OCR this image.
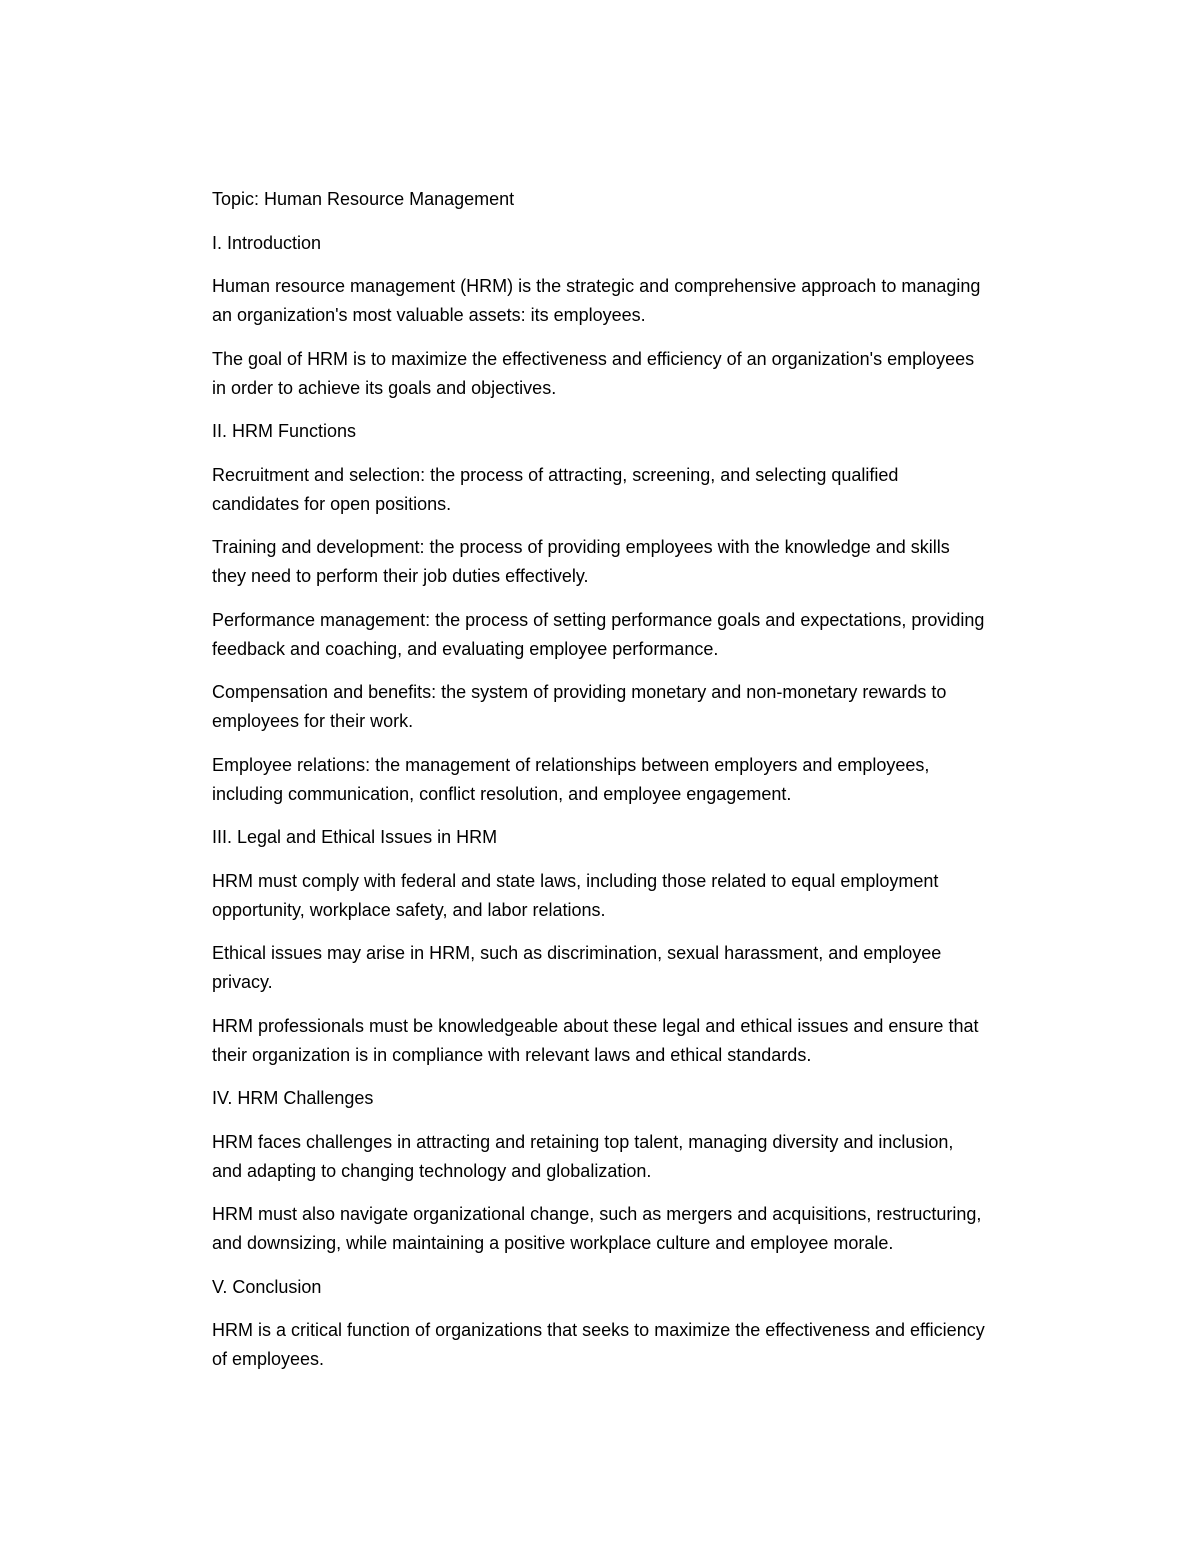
Topic: Human Resource Management

I. Introduction

Human resource management (HRM) is the strategic and comprehensive approach to managing
an organization's most valuable assets: its employees.

The goal of HRM is to maximize the effectiveness and efficiency of an organization's employees
in order to achieve its goals and objectives.

II. HRM Functions

Recruitment and selection: the process of attracting, screening, and selecting qualified
candidates for open positions.

Training and development: the process of providing employees with the knowledge and skills
they need to perform their job duties effectively.

Performance management: the process of setting performance goals and expectations, providing
feedback and coaching, and evaluating employee performance.

Compensation and benefits: the system of providing monetary and non-monetary rewards to
employees for their work.

Employee relations: the management of relationships between employers and employees,
including communication, conflict resolution, and employee engagement.

III. Legal and Ethical Issues in HRM

HRM must comply with federal and state laws, including those related to equal employment
opportunity, workplace safety, and labor relations.

Ethical issues may arise in HRM, such as discrimination, sexual harassment, and employee
privacy.

HRM professionals must be knowledgeable about these legal and ethical issues and ensure that
their organization is in compliance with relevant laws and ethical standards.

IV. HRM Challenges

HRM faces challenges in attracting and retaining top talent, managing diversity and inclusion,
and adapting to changing technology and globalization.

HRM must also navigate organizational change, such as mergers and acquisitions, restructuring,
and downsizing, while maintaining a positive workplace culture and employee morale.

V. Conclusion

HRM is a critical function of organizations that seeks to maximize the effectiveness and efficiency
of employees.
